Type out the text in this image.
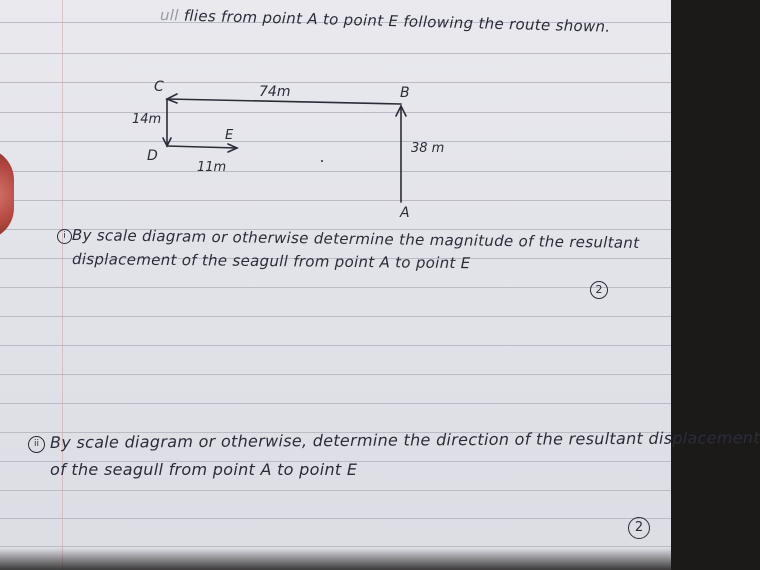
ull flies from point A to point E following the route shown.
C	74m	B
14m
E
D	38 m
11m
A
i By scale diagram or otherwise determine the magnitude of the resultant
displacement of the seagull from point A to point E
2
ii By scale diagram or otherwise, determine the direction of the resultant displacement
of the seagull from point A to point E
2
